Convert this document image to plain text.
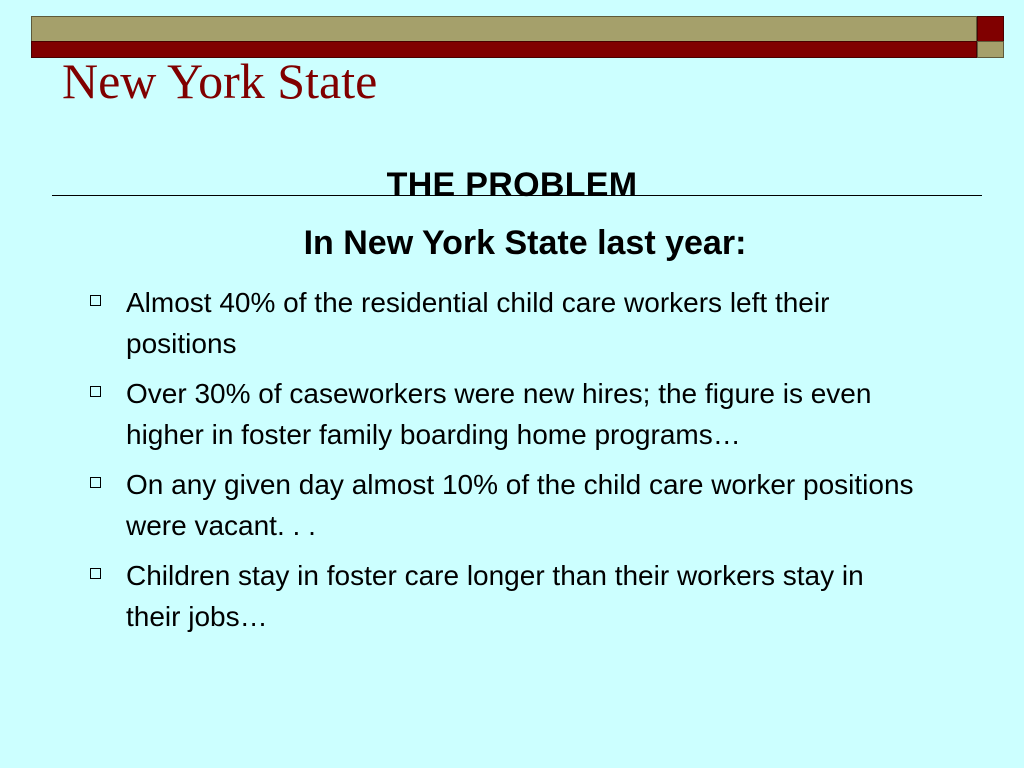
New York State

THE PROBLEM

In New York State last year:

Almost 40% of the residential child care workers left their positions
Over 30% of caseworkers were new hires; the figure is even higher in foster family boarding home programs…
On any given day almost 10% of the child care worker positions were vacant. . .
Children stay in foster care longer than their workers stay in their jobs…
